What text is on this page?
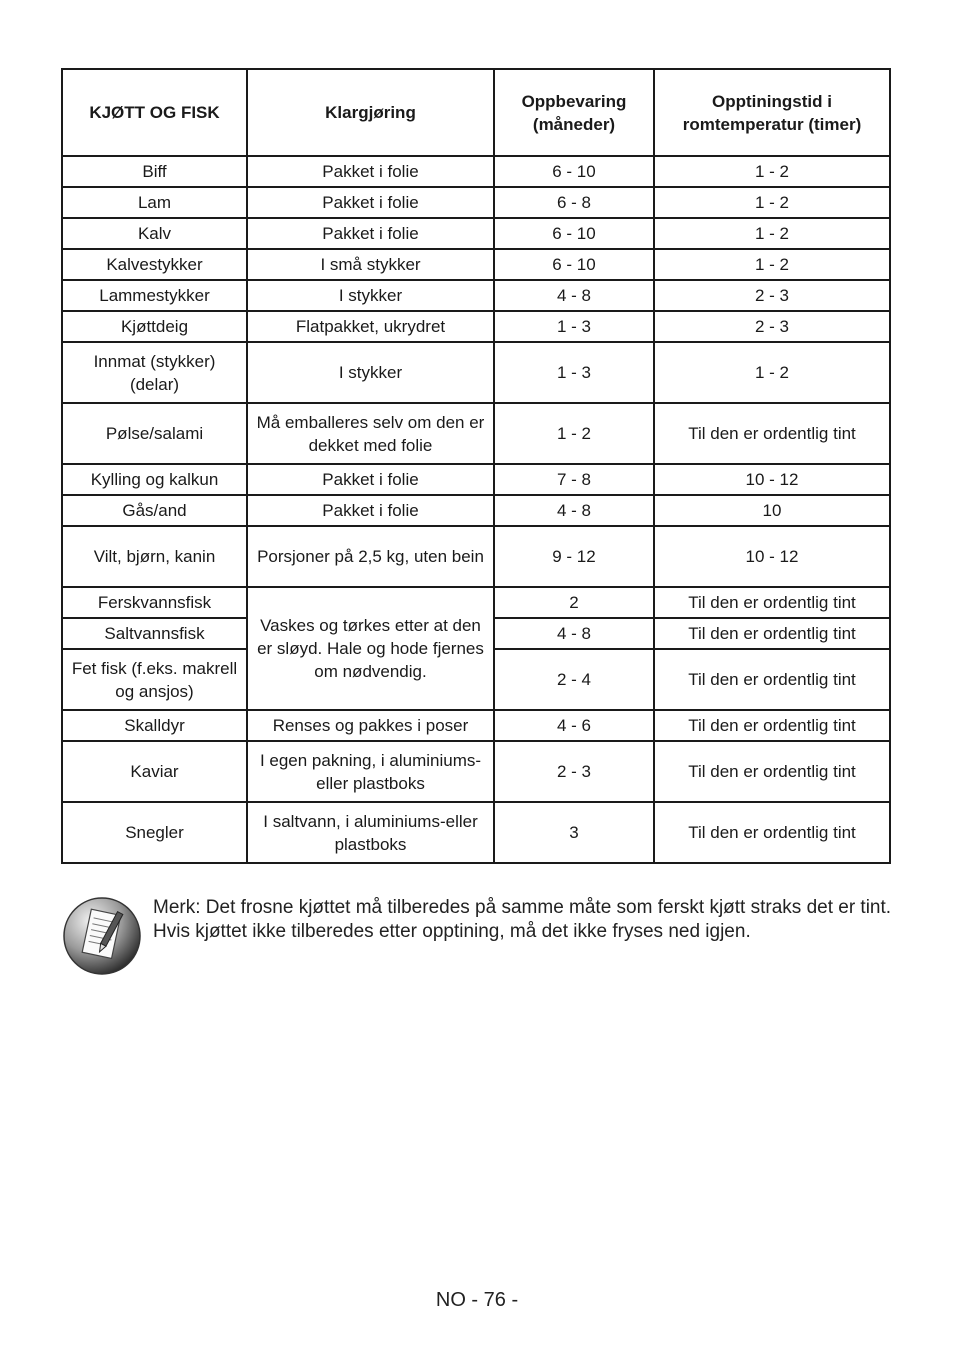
KJØTT OG FISK	Klargjøring	Oppbevaring (måneder)	Opptiningstid i romtemperatur (timer)
Biff	Pakket i folie	6 - 10	1 - 2
Lam	Pakket i folie	6 - 8	1 - 2
Kalv	Pakket i folie	6 - 10	1 - 2
Kalvestykker	I små stykker	6 - 10	1 - 2
Lammestykker	I stykker	4 - 8	2 - 3
Kjøttdeig	Flatpakket, ukrydret	1 - 3	2 - 3
Innmat (stykker) (delar)	I stykker	1 - 3	1 - 2
Pølse/salami	Må emballeres selv om den er dekket med folie	1 - 2	Til den er ordentlig tint
Kylling og kalkun	Pakket i folie	7 - 8	10 - 12
Gås/and	Pakket i folie	4 - 8	10
Vilt, bjørn, kanin	Porsjoner på 2,5 kg, uten bein	9 - 12	10 - 12
Ferskvannsfisk	Vaskes og tørkes etter at den er sløyd. Hale og hode fjernes om nødvendig.	2	Til den er ordentlig tint
Saltvannsfisk		4 - 8	Til den er ordentlig tint
Fet fisk (f.eks. makrell og ansjos)		2 - 4	Til den er ordentlig tint
Skalldyr	Renses og pakkes i poser	4 - 6	Til den er ordentlig tint
Kaviar	I egen pakning, i aluminiums- eller plastboks	2 - 3	Til den er ordentlig tint
Snegler	I saltvann, i aluminiums-eller plastboks	3	Til den er ordentlig tint
Merk: Det frosne kjøttet må tilberedes på samme måte som ferskt kjøtt straks det er tint. Hvis kjøttet ikke tilberedes etter opptining, må det ikke fryses ned igjen.
NO - 76 -
